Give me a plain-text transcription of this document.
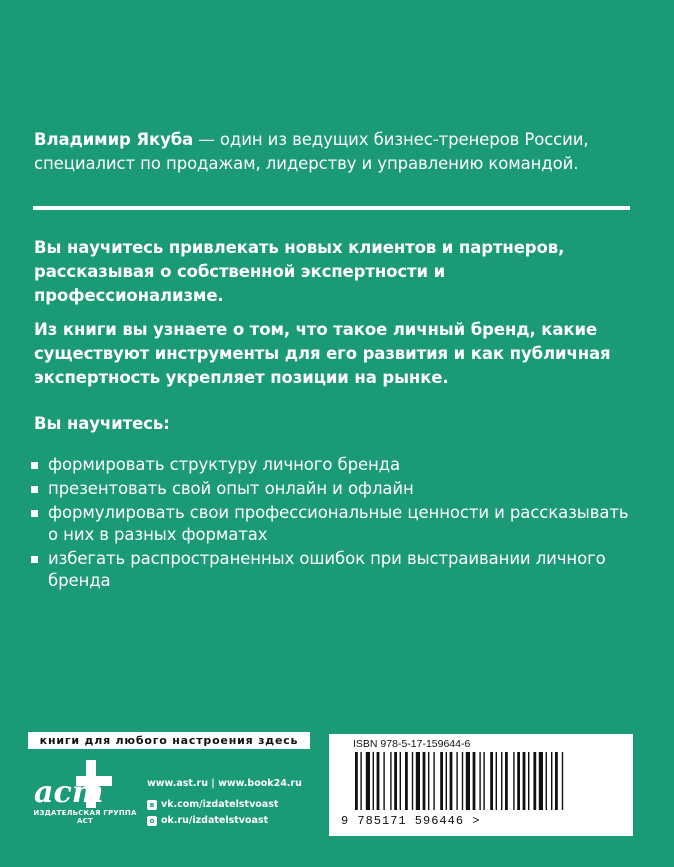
Владимир Якуба — один из ведущих бизнес-тренеров России, специалист по продажам, лидерству и управлению командой.
Вы научитесь привлекать новых клиентов и партнеров, рассказывая о собственной экспертности и профессионализме.
Из книги вы узнаете о том, что такое личный бренд, какие существуют инструменты для его развития и как публичная экспертность укрепляет позиции на рынке.
Вы научитесь:
формировать структуру личного бренда
презентовать свой опыт онлайн и офлайн
формулировать свои профессиональные ценности и рассказывать о них в разных форматах
избегать распространенных ошибок при выстраивании личного бренда
книги для любого настроения здесь
аст
ИЗДАТЕЛЬСКАЯ ГРУППА АСТ
www.ast.ru | www.book24.ru
в vk.com/izdatelstvoast
о ok.ru/izdatelstvoast
ISBN 978-5-17-159644-6
9 785171 596446 >
